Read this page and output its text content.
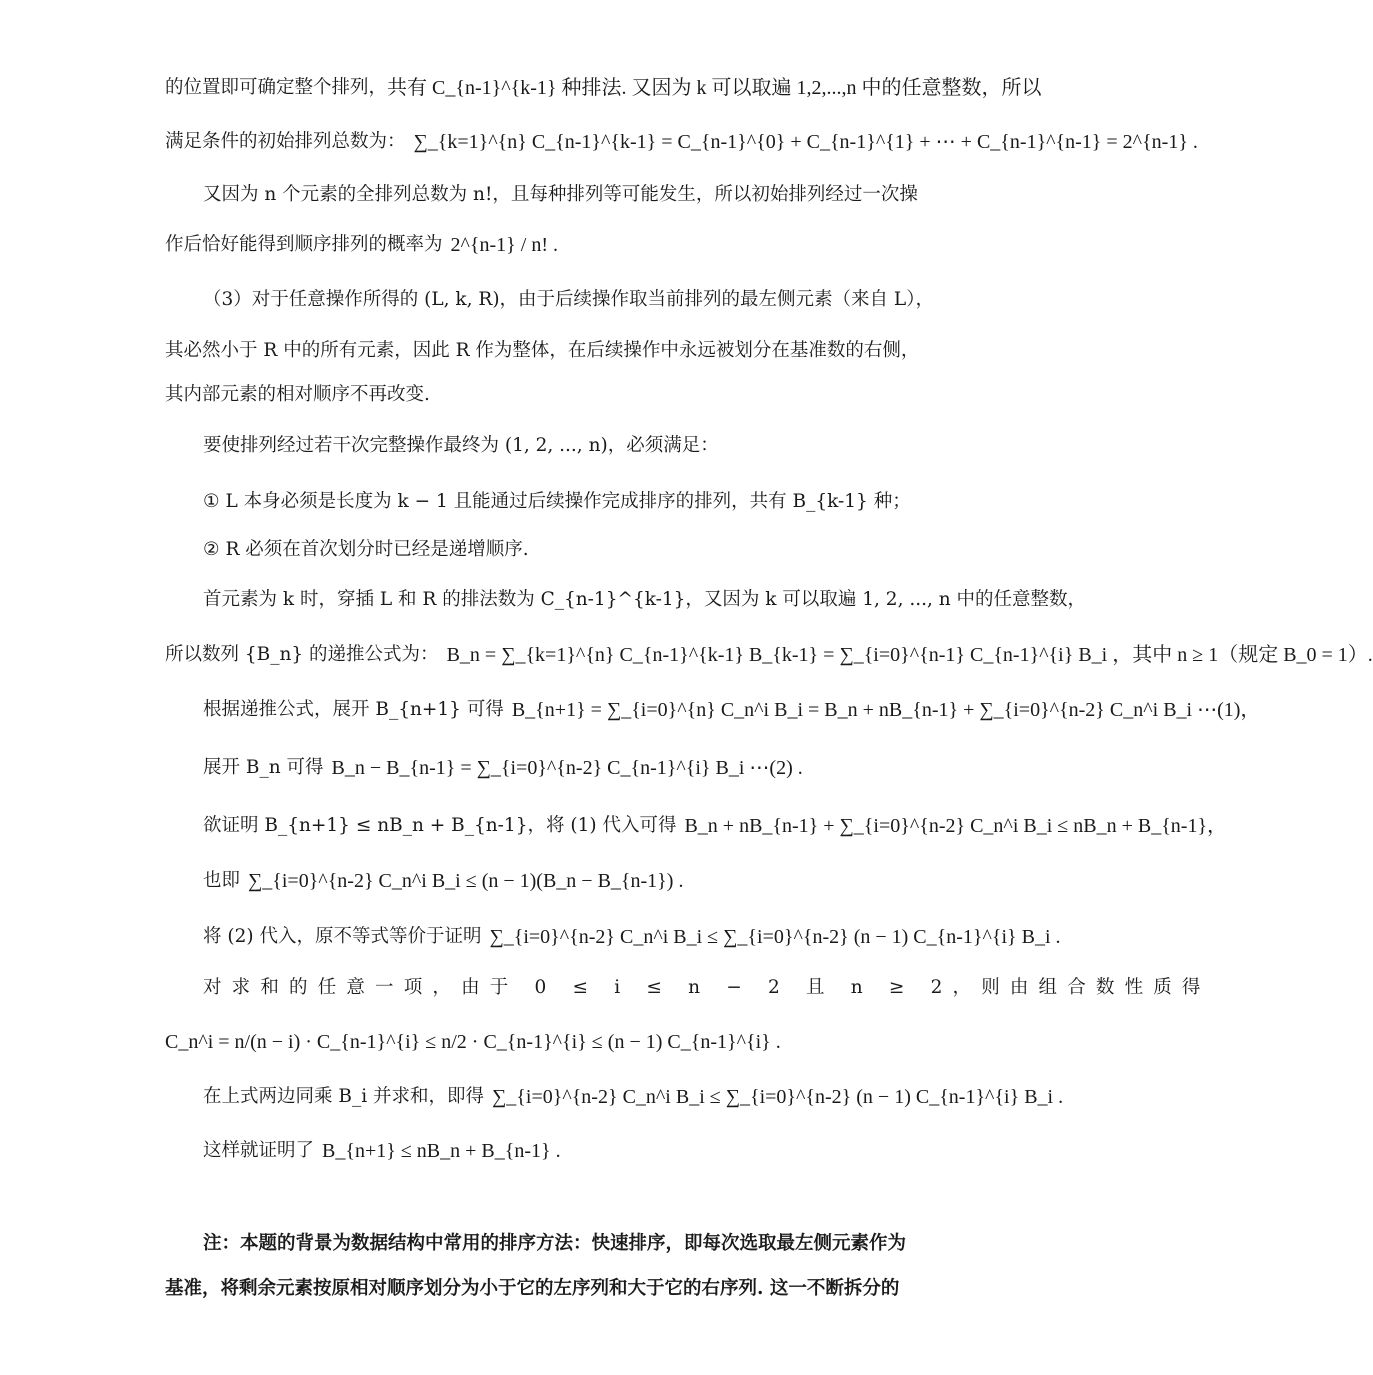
的位置即可确定整个排列， 共有 C_{n-1}^{k-1} 种排法. 又因为 k 可以取遍 1,2,...,n 中的任意整数，所以
满足条件的初始排列总数为： ∑_{k=1}^{n} C_{n-1}^{k-1} = C_{n-1}^{0} + C_{n-1}^{1} + ⋯ + C_{n-1}^{n-1} = 2^{n-1} .
又因为 n 个元素的全排列总数为 n!，且每种排列等可能发生，所以初始排列经过一次操
作后恰好能得到顺序排列的概率为 2^{n-1} / n! .
（3）对于任意操作所得的 (L, k, R)，由于后续操作取当前排列的最左侧元素（来自 L），
其必然小于 R 中的所有元素，因此 R 作为整体，在后续操作中永远被划分在基准数的右侧，
其内部元素的相对顺序不再改变.
要使排列经过若干次完整操作最终为 (1, 2, ..., n)，必须满足：
① L 本身必须是长度为 k − 1 且能通过后续操作完成排序的排列，共有 B_{k-1} 种；
② R 必须在首次划分时已经是递增顺序.
首元素为 k 时，穿插 L 和 R 的排法数为 C_{n-1}^{k-1}，又因为 k 可以取遍 1, 2, ..., n 中的任意整数，
所以数列 {B_n} 的递推公式为： B_n = ∑_{k=1}^{n} C_{n-1}^{k-1} B_{k-1} = ∑_{i=0}^{n-1} C_{n-1}^{i} B_i ，其中 n ≥ 1（规定 B_0 = 1）.
根据递推公式，展开 B_{n+1} 可得 B_{n+1} = ∑_{i=0}^{n} C_n^i B_i = B_n + nB_{n-1} + ∑_{i=0}^{n-2} C_n^i B_i ⋯(1)，
展开 B_n 可得 B_n − B_{n-1} = ∑_{i=0}^{n-2} C_{n-1}^{i} B_i ⋯(2) .
欲证明 B_{n+1} ≤ nB_n + B_{n-1}，将 (1) 代入可得 B_n + nB_{n-1} + ∑_{i=0}^{n-2} C_n^i B_i ≤ nB_n + B_{n-1}，
也即 ∑_{i=0}^{n-2} C_n^i B_i ≤ (n − 1)(B_n − B_{n-1}) .
将 (2) 代入，原不等式等价于证明 ∑_{i=0}^{n-2} C_n^i B_i ≤ ∑_{i=0}^{n-2} (n − 1) C_{n-1}^{i} B_i .
对求和的任意一项，由于 0 ≤ i ≤ n − 2 且 n ≥ 2，则由组合数性质得
C_n^i = n/(n − i) · C_{n-1}^{i} ≤ n/2 · C_{n-1}^{i} ≤ (n − 1) C_{n-1}^{i} .
在上式两边同乘 B_i 并求和，即得 ∑_{i=0}^{n-2} C_n^i B_i ≤ ∑_{i=0}^{n-2} (n − 1) C_{n-1}^{i} B_i .
这样就证明了 B_{n+1} ≤ nB_n + B_{n-1} .
注：本题的背景为数据结构中常用的排序方法：快速排序，即每次选取最左侧元素作为
基准，将剩余元素按原相对顺序划分为小于它的左序列和大于它的右序列. 这一不断拆分的
